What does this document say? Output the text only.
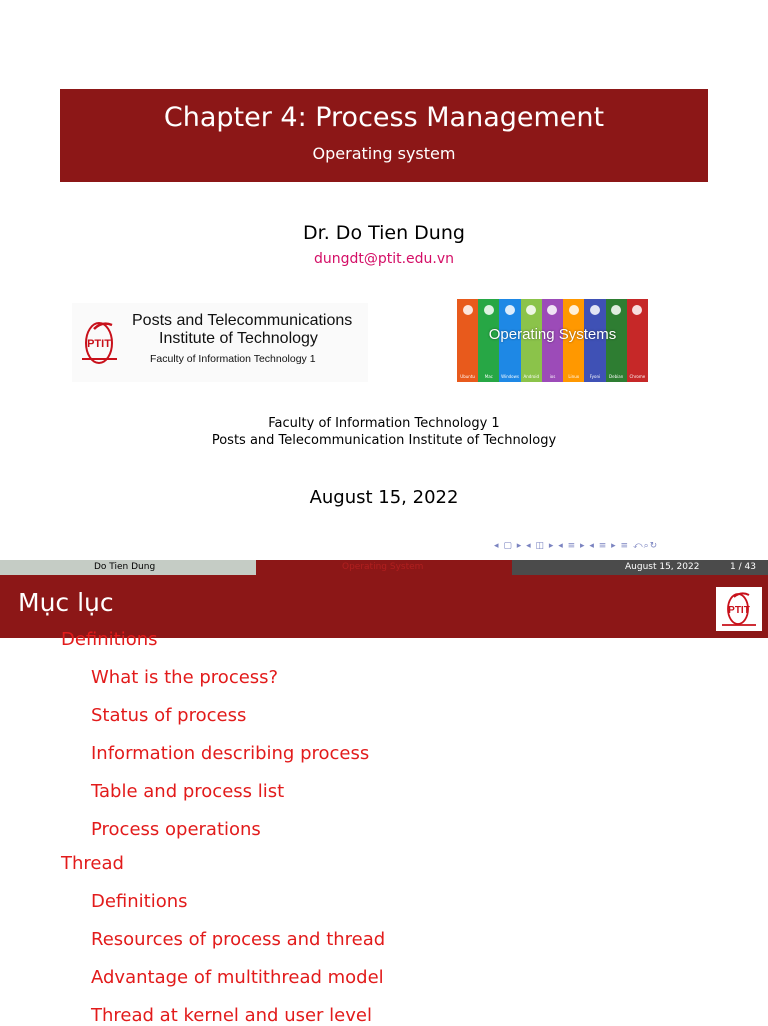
Chapter 4: Process Management
Operating system
Dr. Do Tien Dung
dungdt@ptit.edu.vn
PTIT
Posts and Telecommunications
Institute of Technology
Faculty of Information Technology 1
Ubuntu	Mac	Windows	Android	ios	Linux	Fyoni	Debian	Chrome
Operating Systems
Faculty of Information Technology 1
Posts and Telecommunication Institute of Technology
August 15, 2022
◂ ▢ ▸ ◂ ◫ ▸ ◂ ≡ ▸ ◂ ≡ ▸ ≡ ⤺⌕↻
Do Tien Dung	Operating System	August 15, 2022	1 / 43
Mục lục	PTIT
Definitions
What is the process?
Status of process
Information describing process
Table and process list
Process operations
Thread
Definitions
Resources of process and thread
Advantage of multithread model
Thread at kernel and user level
